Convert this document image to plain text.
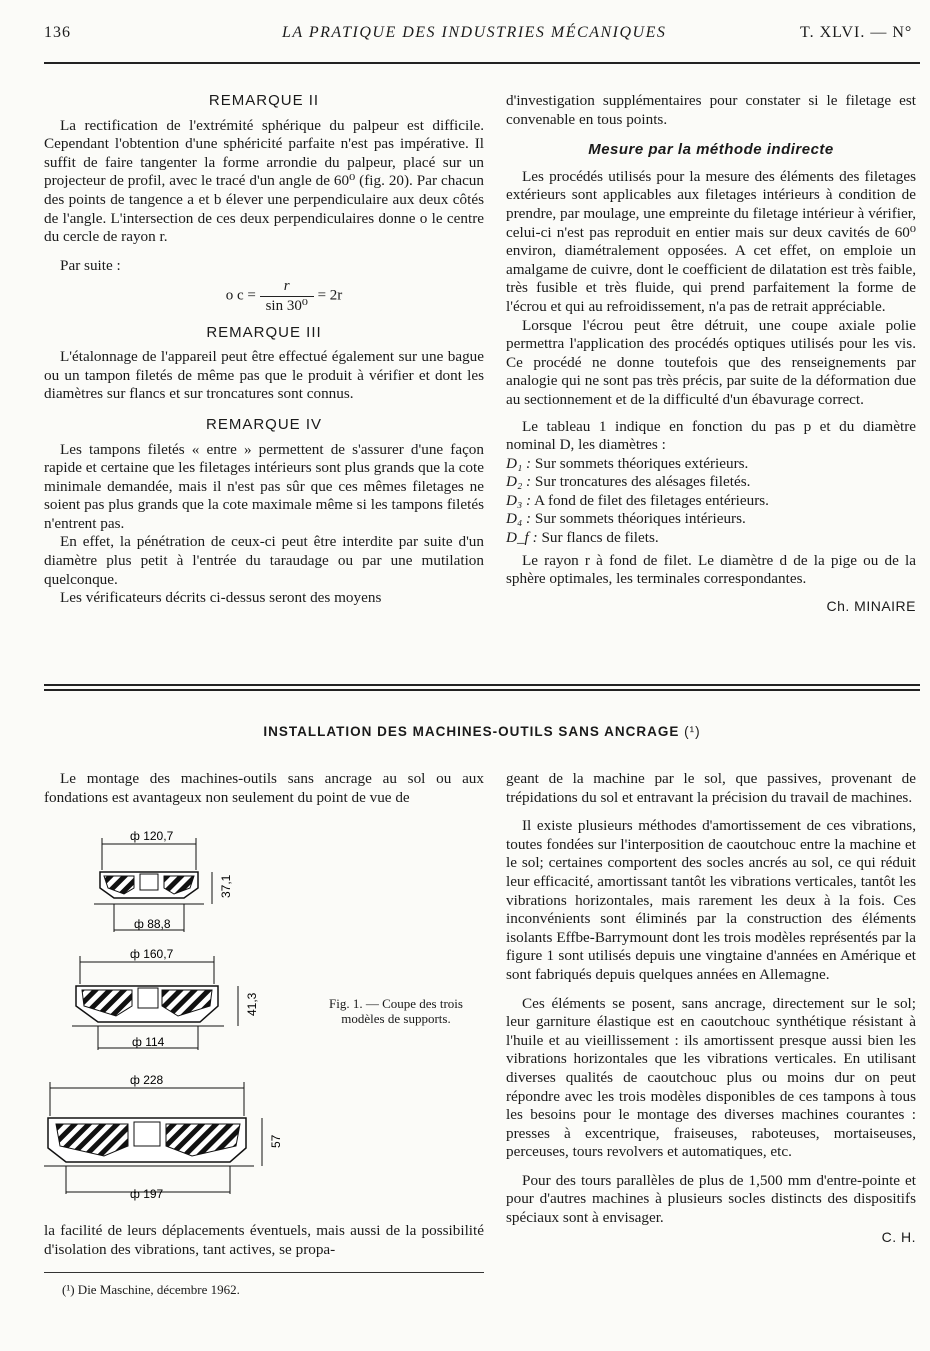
136	LA PRATIQUE DES INDUSTRIES MÉCANIQUES	T. XLVI. — N°
REMARQUE II

La rectification de l'extrémité sphérique du palpeur est difficile. Cependant l'obtention d'une sphéricité parfaite n'est pas impérative. Il suffit de faire tangenter la forme arrondie du palpeur, placé sur un projecteur de profil, avec le tracé d'un angle de 60⁰ (fig. 20). Par chacun des points de tangence a et b élever une perpendiculaire aux deux côtés de l'angle. L'intersection de ces deux perpendiculaires donne o le centre du cercle de rayon r.

Par suite :

o $c = \frac{r}{\text{sin 30⁰}} = 2r$
REMARQUE III

L'étalonnage de l'appareil peut être effectué également sur une bague ou un tampon filetés de même pas que le produit à vérifier et dont les diamètres sur flancs et sur troncatures sont connus.

REMARQUE IV

Les tampons filetés « entre » permettent de s'assurer d'une façon rapide et certaine que les filetages intérieurs sont plus grands que la cote minimale demandée, mais il n'est pas sûr que ces mêmes filetages ne soient pas plus grands que la cote maximale même si les tampons filetés n'entrent pas.

En effet, la pénétration de ceux-ci peut être interdite par suite d'un diamètre plus petit à l'entrée du taraudage ou par une mutilation quelconque.

Les vérificateurs décrits ci-dessus seront des moyens

d'investigation supplémentaires pour constater si le filetage est convenable en tous points.

Mesure par la méthode indirecte

Les procédés utilisés pour la mesure des éléments des filetages extérieurs sont applicables aux filetages intérieurs à condition de prendre, par moulage, une empreinte du filetage intérieur à vérifier, celui-ci n'est pas reproduit en entier mais sur deux cavités de 60⁰ environ, diamétralement opposées. A cet effet, on emploie un amalgame de cuivre, dont le coefficient de dilatation est très faible, très fusible et très fluide, qui prend parfaitement la forme de l'écrou et qui au refroidissement, n'a pas de retrait appréciable.

Lorsque l'écrou peut être détruit, une coupe axiale polie permettra l'application des procédés optiques utilisés pour les vis. Ce procédé ne donne toutefois que des renseignements par analogie qui ne sont pas très précis, par suite de la déformation due au sectionnement et de la difficulté d'un ébavurage correct.

Le tableau 1 indique en fonction du pas p et du diamètre nominal D, les diamètres :

D₁ : Sur sommets théoriques extérieurs.
D₂ : Sur troncatures des alésages filetés.
D₃ : A fond de filet des filetages entérieurs.
D₄ : Sur sommets théoriques intérieurs.
D_f : Sur flancs de filets.

Le rayon r à fond de filet. Le diamètre d de la pige ou de la sphère optimales, les terminales correspondantes.

Ch. MINAIRE
INSTALLATION DES MACHINES-OUTILS SANS ANCRAGE (¹)

Le montage des machines-outils sans ancrage au sol ou aux fondations est avantageux non seulement du point de vue de

ф 120,7
ф 88,8
37,1
ф 160,7
ф 114
41,3
ф 228
ф 197
57
Fig. 1. — Coupe des trois modèles de supports.

la facilité de leurs déplacements éventuels, mais aussi de la possibilité d'isolation des vibrations, tant actives, se propa-

(¹) Die Maschine, décembre 1962.

geant de la machine par le sol, que passives, provenant de trépidations du sol et entravant la précision du travail de machines.

Il existe plusieurs méthodes d'amortissement de ces vibrations, toutes fondées sur l'interposition de caoutchouc entre la machine et le sol; certaines comportent des socles ancrés au sol, ce qui réduit leur efficacité, amortissant tantôt les vibrations verticales, tantôt les vibrations horizontales, mais rarement les deux à la fois. Ces inconvénients sont éliminés par la construction des éléments isolants Effbe-Barrymount dont les trois modèles représentés par la figure 1 sont utilisés depuis une vingtaine d'années en Amérique et sont fabriqués depuis quelques années en Allemagne.

Ces éléments se posent, sans ancrage, directement sur le sol; leur garniture élastique est en caoutchouc synthétique résistant à l'huile et au vieillissement : ils amortissent presque aussi bien les vibrations horizontales que les vibrations verticales. En utilisant diverses qualités de caoutchouc plus ou moins dur on peut répondre avec les trois modèles disponibles de ces tampons à tous les besoins pour le montage des diverses machines courantes : presses à excentrique, fraiseuses, raboteuses, mortaiseuses, perceuses, tours revolvers et automatiques, etc.

Pour des tours parallèles de plus de 1,500 mm d'entre-pointe et pour d'autres machines à plusieurs socles distincts des dispositifs spéciaux sont à envisager.

C. H.
